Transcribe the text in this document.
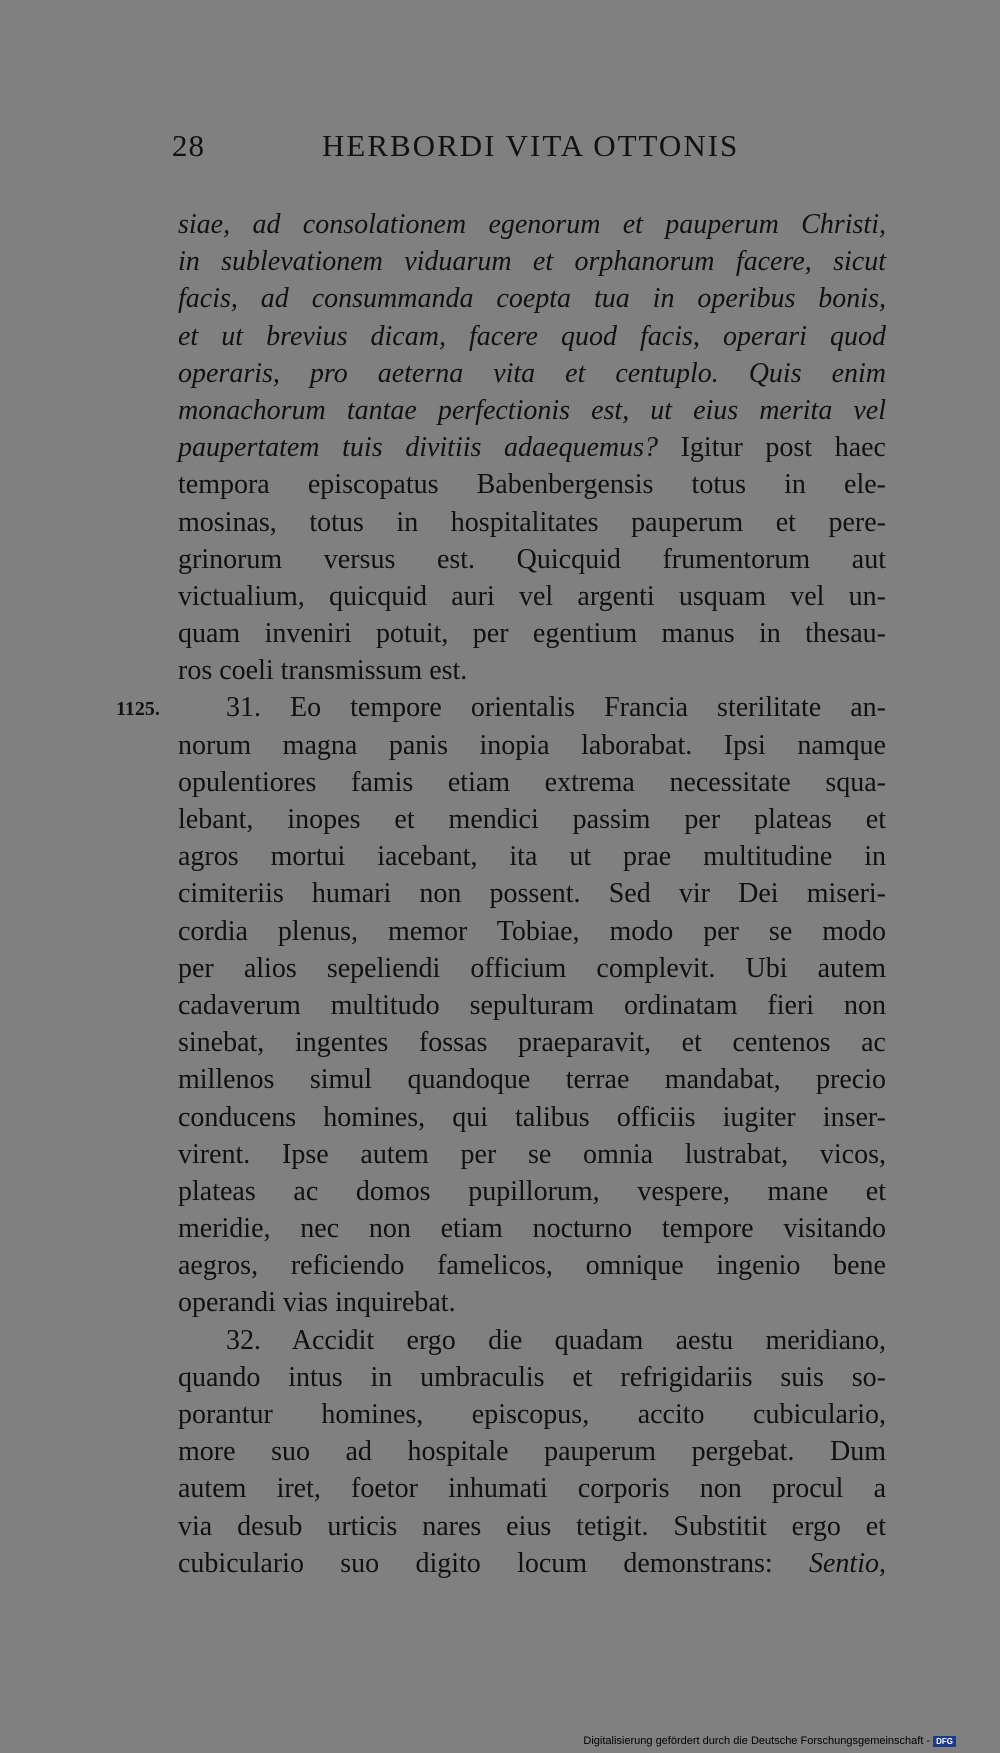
28	HERBORDI VITA OTTONIS
1125.
siae, ad consolationem egenorum et pauperum Christi,
in sublevationem viduarum et orphanorum facere, sicut
facis, ad consummanda coepta tua in operibus bonis,
et ut brevius dicam, facere quod facis, operari quod
operaris, pro aeterna vita et centuplo. Quis enim
monachorum tantae perfectionis est, ut eius merita vel
paupertatem tuis divitiis adaequemus? Igitur post haec
tempora episcopatus Babenbergensis totus in ele-
mosinas, totus in hospitalitates pauperum et pere-
grinorum versus est. Quicquid frumentorum aut
victualium, quicquid auri vel argenti usquam vel un-
quam inveniri potuit, per egentium manus in thesau-
ros coeli transmissum est.
31. Eo tempore orientalis Francia sterilitate an-
norum magna panis inopia laborabat. Ipsi namque
opulentiores famis etiam extrema necessitate squa-
lebant, inopes et mendici passim per plateas et
agros mortui iacebant, ita ut prae multitudine in
cimiteriis humari non possent. Sed vir Dei miseri-
cordia plenus, memor Tobiae, modo per se modo
per alios sepeliendi officium complevit. Ubi autem
cadaverum multitudo sepulturam ordinatam fieri non
sinebat, ingentes fossas praeparavit, et centenos ac
millenos simul quandoque terrae mandabat, precio
conducens homines, qui talibus officiis iugiter inser-
virent. Ipse autem per se omnia lustrabat, vicos,
plateas ac domos pupillorum, vespere, mane et
meridie, nec non etiam nocturno tempore visitando
aegros, reficiendo famelicos, omnique ingenio bene
operandi vias inquirebat.
32. Accidit ergo die quadam aestu meridiano,
quando intus in umbraculis et refrigidariis suis so-
porantur homines, episcopus, accito cubiculario,
more suo ad hospitale pauperum pergebat. Dum
autem iret, foetor inhumati corporis non procul a
via desub urticis nares eius tetigit. Substitit ergo et
cubiculario suo digito locum demonstrans: Sentio,
Digitalisierung gefördert durch die Deutsche Forschungsgemeinschaft - DFG
